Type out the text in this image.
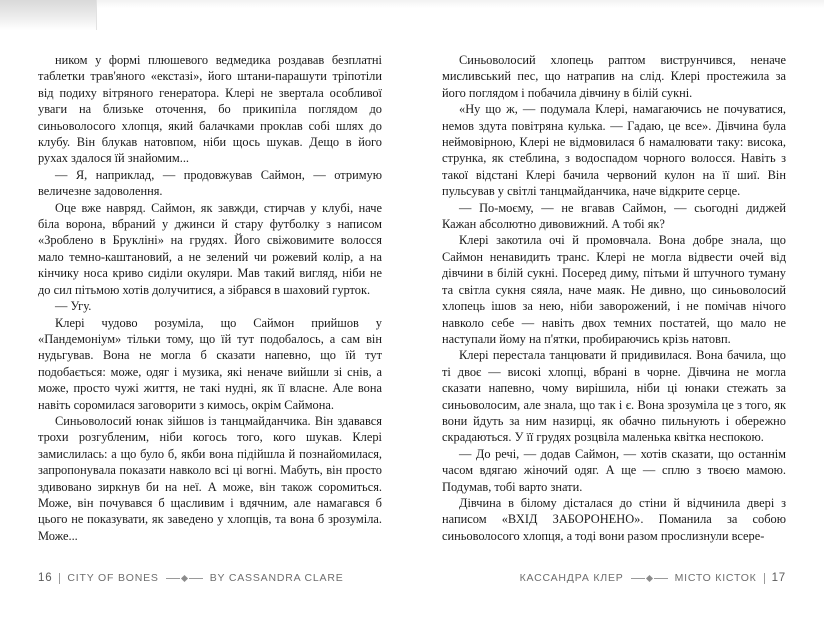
ником у формі плюшевого ведмедика роздавав безплатні таблетки трав'яного «екстазі», його штани-парашути тріпотіли від подиху вітряного генератора. Клері не звертала особливої уваги на близьке оточення, бо прикипіла поглядом до синьоволосого хлопця, який балачками проклав собі шлях до клубу. Він блукав натовпом, ніби щось шукав. Дещо в його рухах здалося їй знайомим...

— Я, наприклад, — продовжував Саймон, — отримую величезне задоволення.

Оце вже навряд. Саймон, як завжди, стирчав у клубі, наче біла ворона, вбраний у джинси й стару футболку з написом «Зроблено в Брукліні» на грудях. Його свіжовимите волосся мало темно-каштановий, а не зелений чи рожевий колір, а на кінчику носа криво сиділи окуляри. Мав такий вигляд, ніби не до сил пітьмою хотів долучитися, а зібрався в шаховий гурток.

— Угу.

Клері чудово розуміла, що Саймон прийшов у «Пандемоніум» тільки тому, що їй тут подобалось, а сам він нудьгував. Вона не могла б сказати напевно, що їй тут подобається: може, одяг і музика, які неначе вийшли зі снів, а може, просто чужі життя, не такі нудні, як її власне. Але вона навіть соромилася заговорити з кимось, окрім Саймона.

Синьоволосий юнак зійшов із танцмайданчика. Він здавався трохи розгубленим, ніби когось того, кого шукав. Клері замислилась: а що було б, якби вона підійшла й познайомилася, запропонувала показати навколо всі ці вогні. Мабуть, він просто здивовано зиркнув би на неї. А може, він також соромиться. Може, він почувався б щасливим і вдячним, але намагався б цього не показувати, як заведено у хлопців, та вона б зрозуміла. Може...

Синьоволосий хлопець раптом виструнчився, неначе мисливський пес, що натрапив на слід. Клері простежила за його поглядом і побачила дівчину в білій сукні.

«Ну що ж, — подумала Клері, намагаючись не почуватися, немов здута повітряна кулька. — Гадаю, це все». Дівчина була неймовірною, Клері не відмовилася б намалювати таку: висока, струнка, як стеблина, з водоспадом чорного волосся. Навіть з такої відстані Клері бачила червоний кулон на її шиї. Він пульсував у світлі танцмайданчика, наче відкрите серце.

— По-моєму, — не вгавав Саймон, — сьогодні диджей Кажан абсолютно дивовижний. А тобі як?

Клері закотила очі й промовчала. Вона добре знала, що Саймон ненавидить транс. Клері не могла відвести очей від дівчини в білій сукні. Посеред диму, пітьми й штучного туману та світла сукня сяяла, наче маяк. Не дивно, що синьоволосий хлопець ішов за нею, ніби заворожений, і не помічав нічого навколо себе — навіть двох темних постатей, що мало не наступали йому на п'ятки, пробираючись крізь натовп.

Клері перестала танцювати й придивилася. Вона бачила, що ті двоє — високі хлопці, вбрані в чорне. Дівчина не могла сказати напевно, чому вирішила, ніби ці юнаки стежать за синьоволосим, але знала, що так і є. Вона зрозуміла це з того, як вони йдуть за ним назирці, як обачно пильнують і обережно скрадаються. У її грудях розцвіла маленька квітка неспокою.

— До речі, — додав Саймон, — хотів сказати, що останнім часом вдягаю жіночий одяг. А ще — сплю з твоєю мамою. Подумав, тобі варто знати.

Дівчина в білому дісталася до стіни й відчинила двері з написом «ВХІД ЗАБОРОНЕНО». Поманила за собою синьоволосого хлопця, а тоді вони разом прослизнули всере-

16 CITY OF BONES	BY CASSANDRA CLARE	КАССАНДРА КЛЕР	МІСТО КІСТОК 17
